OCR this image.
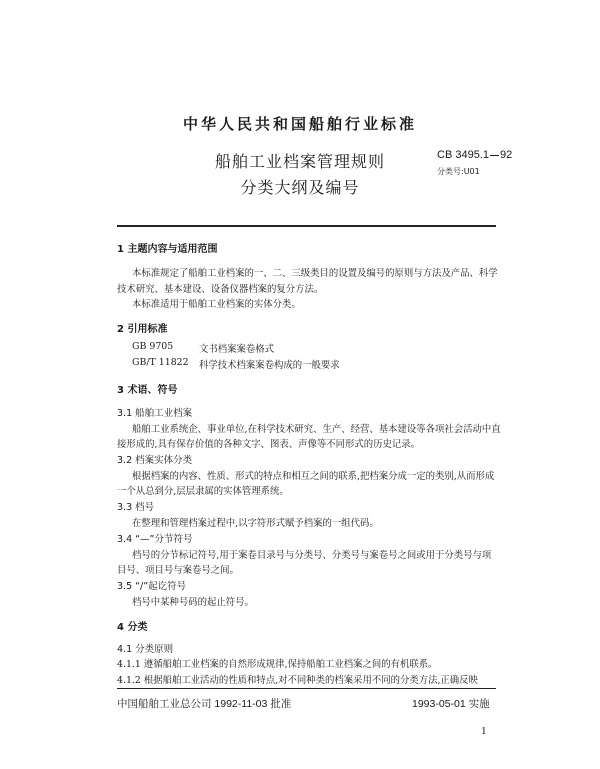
中华人民共和国船舶行业标准
CB 3495.1 92
分类号:U01
船舶工业档案管理规则
分类大纲及编号
1 主题内容与适用范围
本标准规定了船舶工业档案的一、二、三级类目的设置及编号的原则与方法及产品、科学
技术研究、基本建设、设备仪器档案的复分方法。
本标准适用于船舶工业档案的实体分类。
2 引用标准
GB 9705	文书档案案卷格式
GB/T 11822 科学技术档案案卷构成的一般要求
3 术语、符号
3.1 船舶工业档案
船舶工业系统企、事业单位,在科学技术研究、生产、经营、基本建设等各项社会活动中直
接形成的,具有保存价值的各种文字、图表、声像等不同形式的历史记录。
3.2 档案实体分类
根据档案的内容、性质、形式的特点和相互之间的联系,把档案分成一定的类别,从而形成
一个从总到分,层层隶属的实体管理系统。
3.3 档号
在整理和管理档案过程中,以字符形式赋予档案的一组代码。
3.4 “—”分节符号
档号的分节标记符号,用于案卷目录号与分类号、分类号与案卷号之间或用于分类号与项
目号、项目号与案卷号之间。
3.5 “/”起讫符号
档号中某种号码的起止符号。
4 分类
4.1 分类原则
4.1.1 遵循船舶工业档案的自然形成规律,保持船舶工业档案之间的有机联系。
4.1.2 根据船舶工业活动的性质和特点,对不同种类的档案采用不同的分类方法,正确反映
中国船舶工业总公司 1992-11-03 批准	1993-05-01 实施
1
